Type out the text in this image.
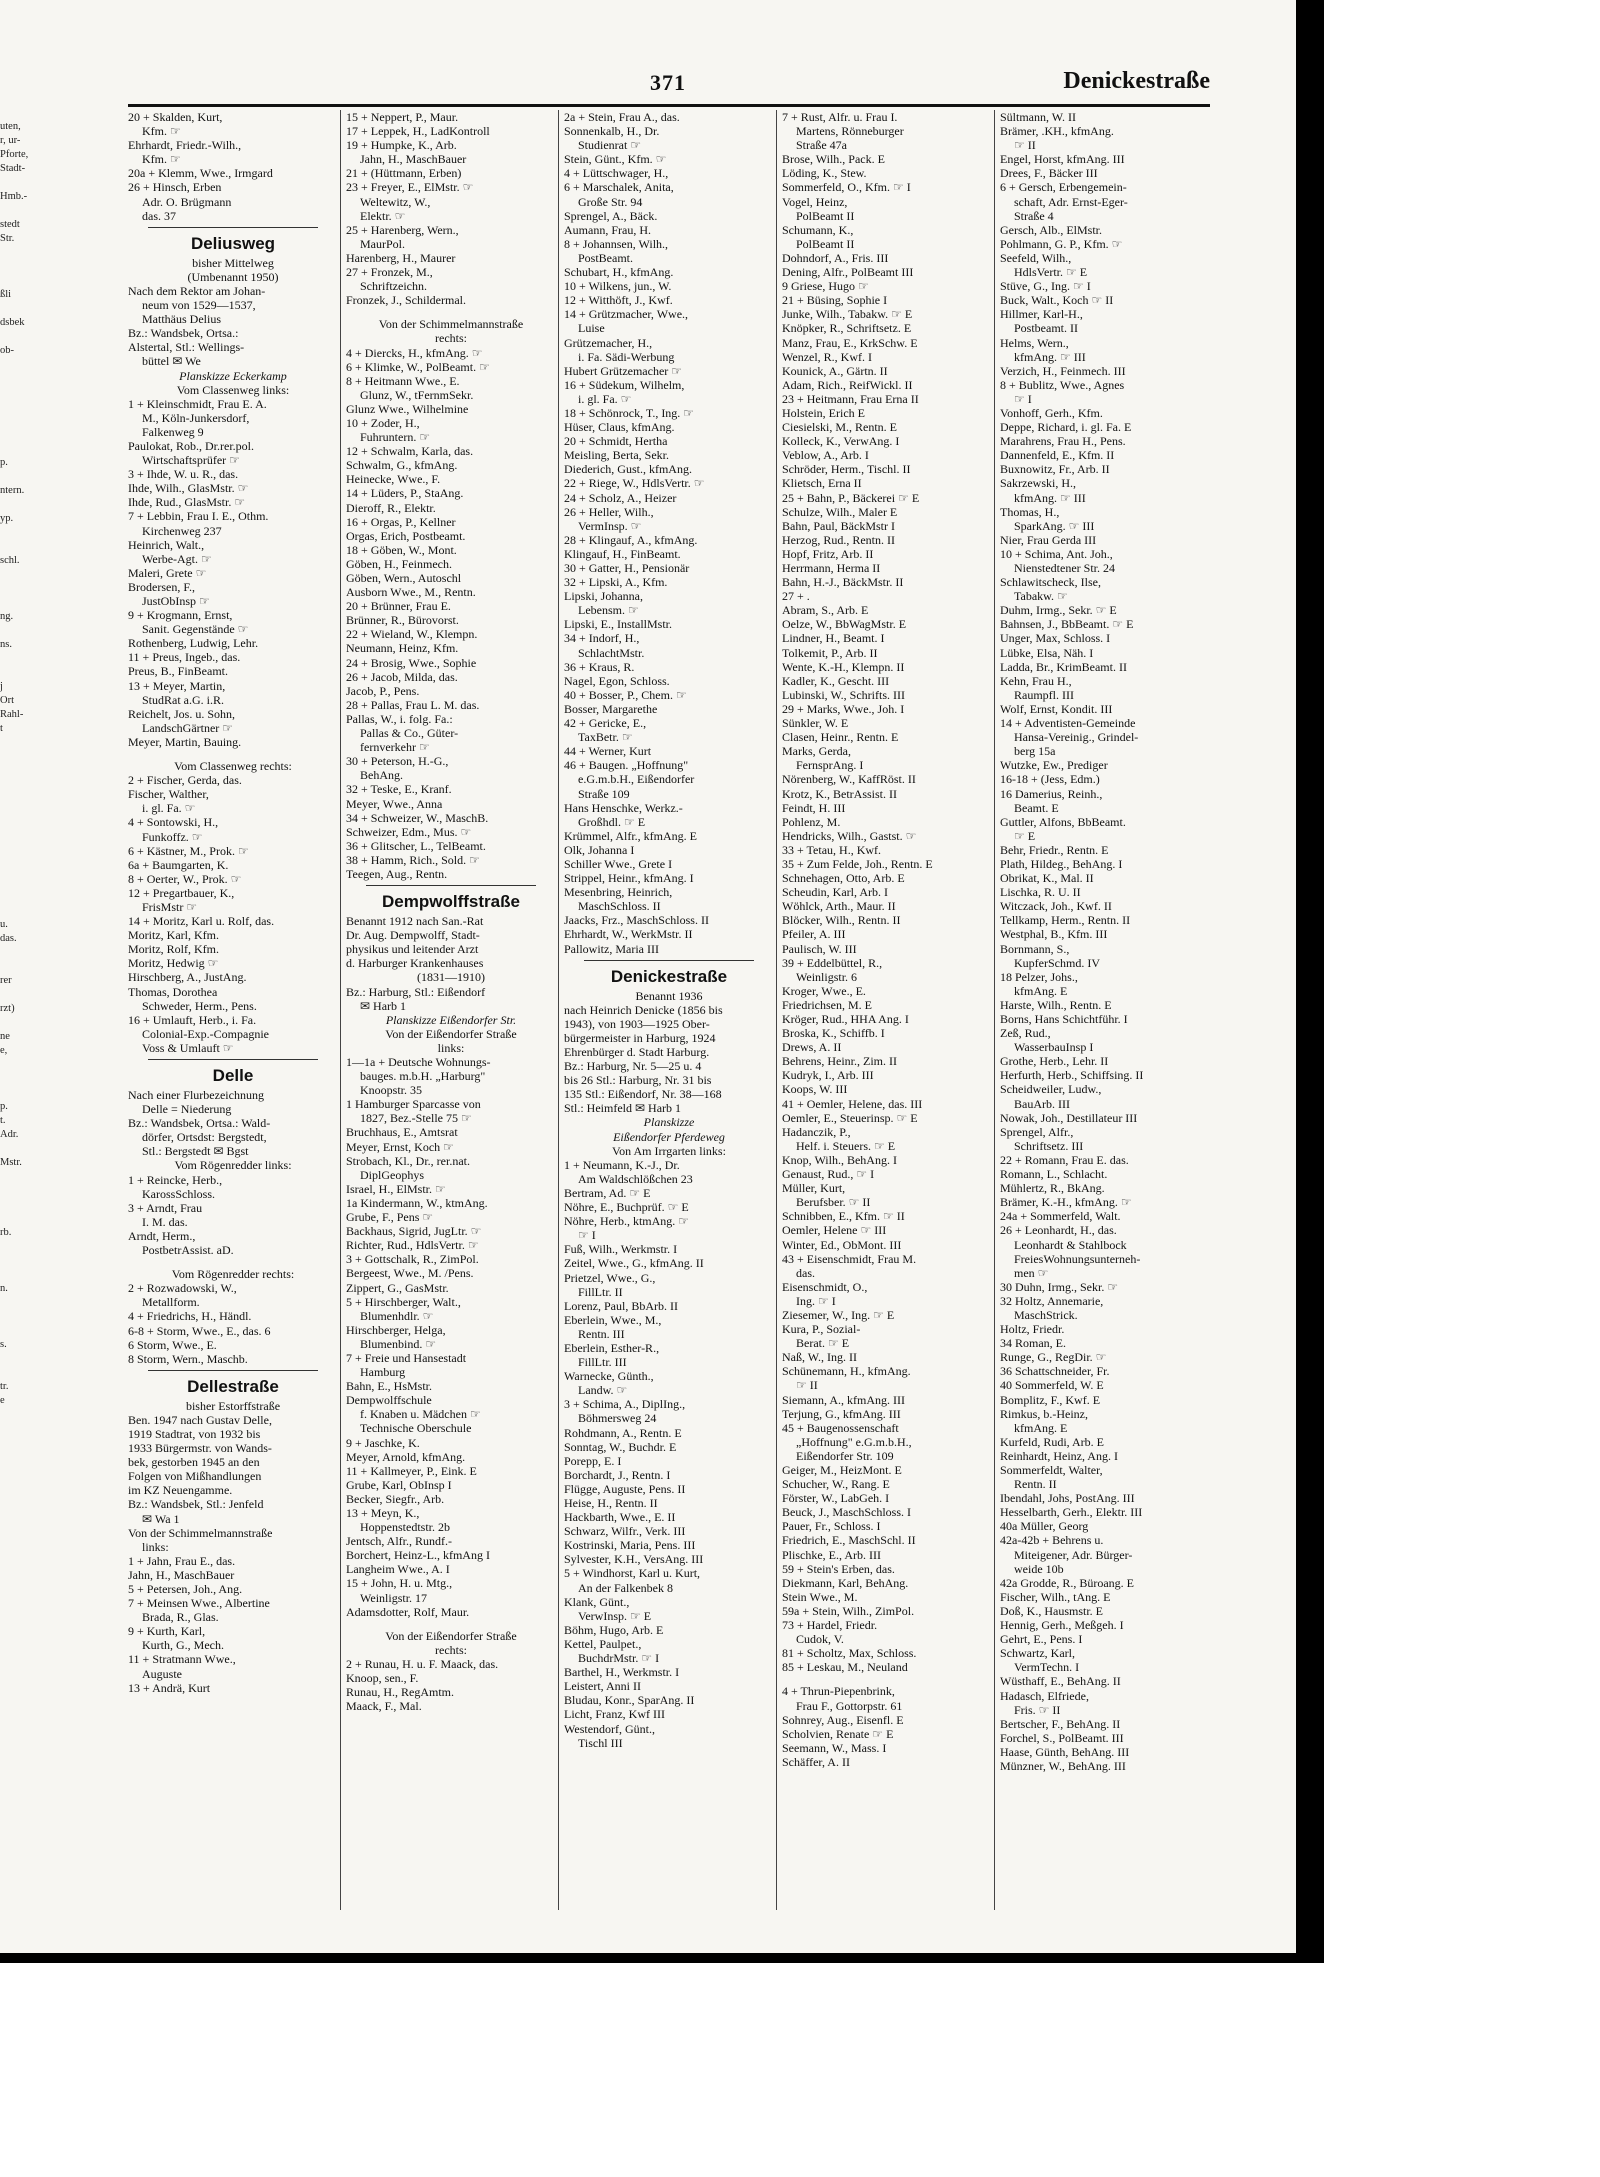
uten,
r, ur-
Pforte,
Stadt-
Hmb.-
stedt
Str.
ßli
dsbek
ob-
p.
ntern.
yp.
schl.
ng.
ns.
j
Ort
Rahl-
t
u.
das.
rer
rzt)
ne
e,
p.
t.
Adr.
Mstr.
rb.
n.
s.
tr.
e
371	Denickestraße
20 + Skalden, Kurt,
Kfm. ☞
Ehrhardt, Friedr.-Wilh.,
Kfm. ☞
20a + Klemm, Wwe., Irmgard
26 + Hinsch, Erben
Adr. O. Brügmann
das. 37
Deliusweg
bisher Mittelweg
(Umbenannt 1950)
Nach dem Rektor am Johan-
neum von 1529—1537,
Matthäus Delius
Bz.: Wandsbek, Ortsa.:
Alstertal, Stl.: Wellings-
büttel ✉ We
Planskizze Eckerkamp
Vom Classenweg links:
1 + Kleinschmidt, Frau E. A.
M., Köln-Junkersdorf,
Falkenweg 9
Paulokat, Rob., Dr.rer.pol.
Wirtschaftsprüfer ☞
3 + Ihde, W. u. R., das.
Ihde, Wilh., GlasMstr. ☞
Ihde, Rud., GlasMstr. ☞
7 + Lebbin, Frau I. E., Othm.
Kirchenweg 237
Heinrich, Walt.,
Werbe-Agt. ☞
Maleri, Grete ☞
Brodersen, F.,
JustObInsp ☞
9 + Krogmann, Ernst,
Sanit. Gegenstände ☞
Rothenberg, Ludwig, Lehr.
11 + Preus, Ingeb., das.
Preus, B., FinBeamt.
13 + Meyer, Martin,
StudRat a.G. i.R.
Reichelt, Jos. u. Sohn,
LandschGärtner ☞
Meyer, Martin, Bauing.
Vom Classenweg rechts:
2 + Fischer, Gerda, das.
Fischer, Walther,
i. gl. Fa. ☞
4 + Sontowski, H.,
Funkoffz. ☞
6 + Kästner, M., Prok. ☞
6a + Baumgarten, K.
8 + Oerter, W., Prok. ☞
12 + Pregartbauer, K.,
FrisMstr ☞
14 + Moritz, Karl u. Rolf, das.
Moritz, Karl, Kfm.
Moritz, Rolf, Kfm.
Moritz, Hedwig ☞
Hirschberg, A., JustAng.
Thomas, Dorothea
Schweder, Herm., Pens.
16 + Umlauft, Herb., i. Fa.
Colonial-Exp.-Compagnie
Voss & Umlauft ☞
Delle
Nach einer Flurbezeichnung
Delle = Niederung
Bz.: Wandsbek, Ortsa.: Wald-
dörfer, Ortsdst: Bergstedt,
Stl.: Bergstedt ✉ Bgst
Vom Rögenredder links:
1 + Reincke, Herb.,
KarossSchloss.
3 + Arndt, Frau
I. M. das.
Arndt, Herm.,
PostbetrAssist. aD.
Vom Rögenredder rechts:
2 + Rozwadowski, W.,
Metallform.
4 + Friedrichs, H., Händl.
6-8 + Storm, Wwe., E., das. 6
6 Storm, Wwe., E.
8 Storm, Wern., Maschb.
Dellestraße
bisher Estorffstraße
Ben. 1947 nach Gustav Delle,
1919 Stadtrat, von 1932 bis
1933 Bürgermstr. von Wands-
bek, gestorben 1945 an den
Folgen von Mißhandlungen
im KZ Neuengamme.
Bz.: Wandsbek, Stl.: Jenfeld
✉ Wa 1
Von der Schimmelmannstraße
links:
1 + Jahn, Frau E., das.
Jahn, H., MaschBauer
5 + Petersen, Joh., Ang.
7 + Meinsen Wwe., Albertine
Brada, R., Glas.
9 + Kurth, Karl,
Kurth, G., Mech.
11 + Stratmann Wwe.,
Auguste
13 + Andrä, Kurt
15 + Neppert, P., Maur.
17 + Leppek, H., LadKontroll
19 + Humpke, K., Arb.
Jahn, H., MaschBauer
21 + (Hüttmann, Erben)
23 + Freyer, E., ElMstr. ☞
Weltewitz, W.,
Elektr. ☞
25 + Harenberg, Wern.,
MaurPol.
Harenberg, H., Maurer
27 + Fronzek, M.,
Schriftzeichn.
Fronzek, J., Schildermal.
Von der Schimmelmannstraße
rechts:
4 + Diercks, H., kfmAng. ☞
6 + Klimke, W., PolBeamt. ☞
8 + Heitmann Wwe., E.
Glunz, W., tFernmSekr.
Glunz Wwe., Wilhelmine
10 + Zoder, H.,
Fuhruntern. ☞
12 + Schwalm, Karla, das.
Schwalm, G., kfmAng.
Heinecke, Wwe., F.
14 + Lüders, P., StaAng.
Dieroff, R., Elektr.
16 + Orgas, P., Kellner
Orgas, Erich, Postbeamt.
18 + Göben, W., Mont.
Göben, H., Feinmech.
Göben, Wern., Autoschl
Ausborn Wwe., M., Rentn.
20 + Brünner, Frau E.
Brünner, R., Bürovorst.
22 + Wieland, W., Klempn.
Neumann, Heinz, Kfm.
24 + Brosig, Wwe., Sophie
26 + Jacob, Milda, das.
Jacob, P., Pens.
28 + Pallas, Frau L. M. das.
Pallas, W., i. folg. Fa.:
Pallas & Co., Güter-
fernverkehr ☞
30 + Peterson, H.-G.,
BehAng.
32 + Teske, E., Kranf.
Meyer, Wwe., Anna
34 + Schweizer, W., MaschB.
Schweizer, Edm., Mus. ☞
36 + Glitscher, L., TelBeamt.
38 + Hamm, Rich., Sold. ☞
Teegen, Aug., Rentn.
Dempwolffstraße
Benannt 1912 nach San.-Rat
Dr. Aug. Dempwolff, Stadt-
physikus und leitender Arzt
d. Harburger Krankenhauses
(1831—1910)
Bz.: Harburg, Stl.: Eißendorf
✉ Harb 1
Planskizze Eißendorfer Str.
Von der Eißendorfer Straße
links:
1—1a + Deutsche Wohnungs-
bauges. m.b.H. „Harburg"
Knoopstr. 35
1 Hamburger Sparcasse von
1827, Bez.-Stelle 75 ☞
Bruchhaus, E., Amtsrat
Meyer, Ernst, Koch ☞
Strobach, Kl., Dr., rer.nat.
DiplGeophys
Israel, H., ElMstr. ☞
1a Kindermann, W., ktmAng.
Grube, F., Pens ☞
Backhaus, Sigrid, JugLtr. ☞
Richter, Rud., HdlsVertr. ☞
3 + Gottschalk, R., ZimPol.
Bergeest, Wwe., M. /Pens.
Zippert, G., GasMstr.
5 + Hirschberger, Walt.,
Blumenhdlr. ☞
Hirschberger, Helga,
Blumenbind. ☞
7 + Freie und Hansestadt
Hamburg
Bahn, E., HsMstr.
Dempwolffschule
f. Knaben u. Mädchen ☞
Technische Oberschule
9 + Jaschke, K.
Meyer, Arnold, kfmAng.
11 + Kallmeyer, P., Eink. E
Grube, Karl, ObInsp I
Becker, Siegfr., Arb.
13 + Meyn, K.,
Hoppenstedtstr. 2b
Jentsch, Alfr., Rundf.-
Borchert, Heinz-L., kfmAng I
Langheim Wwe., A. I
15 + John, H. u. Mtg.,
Weinligstr. 17
Adamsdotter, Rolf, Maur.
Von der Eißendorfer Straße
rechts:
2 + Runau, H. u. F. Maack, das.
Knoop, sen., F.
Runau, H., RegAmtm.
Maack, F., Mal.
2a + Stein, Frau A., das.
Sonnenkalb, H., Dr.
Studienrat ☞
Stein, Günt., Kfm. ☞
4 + Lüttschwager, H.,
6 + Marschalek, Anita,
Große Str. 94
Sprengel, A., Bäck.
Aumann, Frau, H.
8 + Johannsen, Wilh.,
PostBeamt.
Schubart, H., kfmAng.
10 + Wilkens, jun., W.
12 + Witthöft, J., Kwf.
14 + Grützmacher, Wwe.,
Luise
Grützemacher, H.,
i. Fa. Sädi-Werbung
Hubert Grützemacher ☞
16 + Südekum, Wilhelm,
i. gl. Fa. ☞
18 + Schönrock, T., Ing. ☞
Hüser, Claus, kfmAng.
20 + Schmidt, Hertha
Meisling, Berta, Sekr.
Diederich, Gust., kfmAng.
22 + Riege, W., HdlsVertr. ☞
24 + Scholz, A., Heizer
26 + Heller, Wilh.,
VermInsp. ☞
28 + Klingauf, A., kfmAng.
Klingauf, H., FinBeamt.
30 + Gatter, H., Pensionär
32 + Lipski, A., Kfm.
Lipski, Johanna,
Lebensm. ☞
Lipski, E., InstallMstr.
34 + Indorf, H.,
SchlachtMstr.
36 + Kraus, R.
Nagel, Egon, Schloss.
40 + Bosser, P., Chem. ☞
Bosser, Margarethe
42 + Gericke, E.,
TaxBetr. ☞
44 + Werner, Kurt
46 + Baugen. „Hoffnung"
e.G.m.b.H., Eißendorfer
Straße 109
Hans Henschke, Werkz.-
Großhdl. ☞ E
Krümmel, Alfr., kfmAng. E
Olk, Johanna I
Schiller Wwe., Grete I
Strippel, Heinr., kfmAng. I
Mesenbring, Heinrich,
MaschSchloss. II
Jaacks, Frz., MaschSchloss. II
Ehrhardt, W., WerkMstr. II
Pallowitz, Maria III
Denickestraße
Benannt 1936
nach Heinrich Denicke (1856 bis
1943), von 1903—1925 Ober-
bürgermeister in Harburg, 1924
Ehrenbürger d. Stadt Harburg.
Bz.: Harburg, Nr. 5—25 u. 4
bis 26 Stl.: Harburg, Nr. 31 bis
135 Stl.: Eißendorf, Nr. 38—168
Stl.: Heimfeld ✉ Harb 1
Planskizze
Eißendorfer Pferdeweg
Von Am Irrgarten links:
1 + Neumann, K.-J., Dr.
Am Waldschlößchen 23
Bertram, Ad. ☞ E
Nöhre, E., Buchprüf. ☞ E
Nöhre, Herb., ktmAng. ☞
☞ I
Fuß, Wilh., Werkmstr. I
Zeitel, Wwe., G., kfmAng. II
Prietzel, Wwe., G.,
FillLtr. II
Lorenz, Paul, BbArb. II
Eberlein, Wwe., M.,
Rentn. III
Eberlein, Esther-R.,
FillLtr. III
Warnecke, Günth.,
Landw. ☞
3 + Schima, A., DiplIng.,
Böhmersweg 24
Rohdmann, A., Rentn. E
Sonntag, W., Buchdr. E
Porepp, E. I
Borchardt, J., Rentn. I
Flügge, Auguste, Pens. II
Heise, H., Rentn. II
Hackbarth, Wwe., E. II
Schwarz, Wilfr., Verk. III
Kostrinski, Maria, Pens. III
Sylvester, K.H., VersAng. III
5 + Windhorst, Karl u. Kurt,
An der Falkenbek 8
Klank, Günt.,
VerwInsp. ☞ E
Böhm, Hugo, Arb. E
Kettel, Paulpet.,
BuchdrMstr. ☞ I
Barthel, H., Werkmstr. I
Leistert, Anni II
Bludau, Konr., SparAng. II
Licht, Franz, Kwf III
Westendorf, Günt.,
Tischl III
7 + Rust, Alfr. u. Frau I.
Martens, Rönneburger
Straße 47a
Brose, Wilh., Pack. E
Löding, K., Stew.
Sommerfeld, O., Kfm. ☞ I
Vogel, Heinz,
PolBeamt II
Schumann, K.,
PolBeamt II
Dohndorf, A., Fris. III
Dening, Alfr., PolBeamt III
9 Griese, Hugo ☞
21 + Büsing, Sophie I
Junke, Wilh., Tabakw. ☞ E
Knöpker, R., Schriftsetz. E
Manz, Frau, E., KrkSchw. E
Wenzel, R., Kwf. I
Kounick, A., Gärtn. II
Adam, Rich., ReifWickl. II
23 + Heitmann, Frau Erna II
Holstein, Erich E
Ciesielski, M., Rentn. E
Kolleck, K., VerwAng. I
Veblow, A., Arb. I
Schröder, Herm., Tischl. II
Klietsch, Erna II
25 + Bahn, P., Bäckerei ☞ E
Schulze, Wilh., Maler E
Bahn, Paul, BäckMstr I
Herzog, Rud., Rentn. II
Hopf, Fritz, Arb. II
Herrmann, Herma II
Bahn, H.-J., BäckMstr. II
27 + .
Abram, S., Arb. E
Oelze, W., BbWagMstr. E
Lindner, H., Beamt. I
Tolkemit, P., Arb. II
Wente, K.-H., Klempn. II
Kadler, K., Gescht. III
Lubinski, W., Schrifts. III
29 + Marks, Wwe., Joh. I
Sünkler, W. E
Clasen, Heinr., Rentn. E
Marks, Gerda,
FernsprAng. I
Nörenberg, W., KaffRöst. II
Krotz, K., BetrAssist. II
Feindt, H. III
Pohlenz, M.
Hendricks, Wilh., Gastst. ☞
33 + Tetau, H., Kwf.
35 + Zum Felde, Joh., Rentn. E
Schnehagen, Otto, Arb. E
Scheudin, Karl, Arb. I
Wöhlck, Arth., Maur. II
Blöcker, Wilh., Rentn. II
Pfeiler, A. III
Paulisch, W. III
39 + Eddelbüttel, R.,
Weinligstr. 6
Kroger, Wwe., E.
Friedrichsen, M. E
Kröger, Rud., HHA Ang. I
Broska, K., Schiffb. I
Drews, A. II
Behrens, Heinr., Zim. II
Kudryk, I., Arb. III
Koops, W. III
41 + Oemler, Helene, das. III
Oemler, E., Steuerinsp. ☞ E
Hadanczik, P.,
Helf. i. Steuers. ☞ E
Knop, Wilh., BehAng. I
Genaust, Rud., ☞ I
Müller, Kurt,
Berufsber. ☞ II
Schnibben, E., Kfm. ☞ II
Oemler, Helene ☞ III
Winter, Ed., ObMont. III
43 + Eisenschmidt, Frau M.
das.
Eisenschmidt, O.,
Ing. ☞ I
Ziesemer, W., Ing. ☞ E
Kura, P., Sozial-
Berat. ☞ E
Naß, W., Ing. II
Schünemann, H., kfmAng.
☞ II
Siemann, A., kfmAng. III
Terjung, G., kfmAng. III
45 + Baugenossenschaft
„Hoffnung" e.G.m.b.H.,
Eißendorfer Str. 109
Geiger, M., HeizMont. E
Schucher, W., Rang. E
Förster, W., LabGeh. I
Beuck, J., MaschSchloss. I
Pauer, Fr., Schloss. I
Friedrich, E., MaschSchl. II
Plischke, E., Arb. III
59 + Stein's Erben, das.
Diekmann, Karl, BehAng.
Stein Wwe., M.
59a + Stein, Wilh., ZimPol.
73 + Hardel, Friedr.
Cudok, V.
81 + Scholtz, Max, Schloss.
85 + Leskau, M., Neuland
4 + Thrun-Piepenbrink,
Frau F., Gottorpstr. 61
Sohnrey, Aug., Eisenfl. E
Scholvien, Renate ☞ E
Seemann, W., Mass. I
Schäffer, A. II
Sültmann, W. II
Brämer, .KH., kfmAng.
☞ II
Engel, Horst, kfmAng. III
Drees, F., Bäcker III
6 + Gersch, Erbengemein-
schaft, Adr. Ernst-Eger-
Straße 4
Gersch, Alb., ElMstr.
Pohlmann, G. P., Kfm. ☞
Seefeld, Wilh.,
HdlsVertr. ☞ E
Stüve, G., Ing. ☞ I
Buck, Walt., Koch ☞ II
Hillmer, Karl-H.,
Postbeamt. II
Helms, Wern.,
kfmAng. ☞ III
Verzich, H., Feinmech. III
8 + Bublitz, Wwe., Agnes
☞ I
Vonhoff, Gerh., Kfm.
Deppe, Richard, i. gl. Fa. E
Marahrens, Frau H., Pens.
Dannenfeld, E., Kfm. II
Buxnowitz, Fr., Arb. II
Sakrzewski, H.,
kfmAng. ☞ III
Thomas, H.,
SparkAng. ☞ III
Nier, Frau Gerda III
10 + Schima, Ant. Joh.,
Nienstedtener Str. 24
Schlawitscheck, Ilse,
Tabakw. ☞
Duhm, Irmg., Sekr. ☞ E
Bahnsen, J., BbBeamt. ☞ E
Unger, Max, Schloss. I
Lübke, Elsa, Näh. I
Ladda, Br., KrimBeamt. II
Kehn, Frau H.,
Raumpfl. III
Wolf, Ernst, Kondit. III
14 + Adventisten-Gemeinde
Hansa-Vereinig., Grindel-
berg 15a
Wutzke, Ew., Prediger
16-18 + (Jess, Edm.)
16 Damerius, Reinh.,
Beamt. E
Guttler, Alfons, BbBeamt.
☞ E
Behr, Friedr., Rentn. E
Plath, Hildeg., BehAng. I
Obrikat, K., Mal. II
Lischka, R. U. II
Witczack, Joh., Kwf. II
Tellkamp, Herm., Rentn. II
Westphal, B., Kfm. III
Bornmann, S.,
KupferSchmd. IV
18 Pelzer, Johs.,
kfmAng. E
Harste, Wilh., Rentn. E
Borns, Hans Schichtführ. I
Zeß, Rud.,
WasserbauInsp I
Grothe, Herb., Lehr. II
Herfurth, Herb., Schiffsing. II
Scheidweiler, Ludw.,
BauArb. III
Nowak, Joh., Destillateur III
Sprengel, Alfr.,
Schriftsetz. III
22 + Romann, Frau E. das.
Romann, L., Schlacht.
Mühlertz, R., BkAng.
Brämer, K.-H., kfmAng. ☞
24a + Sommerfeld, Walt.
26 + Leonhardt, H., das.
Leonhardt & Stahlbock
FreiesWohnungsunterneh-
men ☞
30 Duhn, Irmg., Sekr. ☞
32 Holtz, Annemarie,
MaschStrick.
Holtz, Friedr.
34 Roman, E.
Runge, G., RegDir. ☞
36 Schattschneider, Fr.
40 Sommerfeld, W. E
Bomplitz, F., Kwf. E
Rimkus, b.-Heinz,
kfmAng. E
Kurfeld, Rudi, Arb. E
Reinhardt, Heinz, Ang. I
Sommerfeldt, Walter,
Rentn. II
Ibendahl, Johs, PostAng. III
Hesselbarth, Gerh., Elektr. III
40a Müller, Georg
42a-42b + Behrens u.
Miteigener, Adr. Bürger-
weide 10b
42a Grodde, R., Büroang. E
Fischer, Wilh., tAng. E
Doß, K., Hausmstr. E
Hennig, Gerh., Meßgeh. I
Gehrt, E., Pens. I
Schwartz, Karl,
VermTechn. I
Wüsthaff, E., BehAng. II
Hadasch, Elfriede,
Fris. ☞ II
Bertscher, F., BehAng. II
Forchel, S., PolBeamt. III
Haase, Günth, BehAng. III
Münzner, W., BehAng. III
